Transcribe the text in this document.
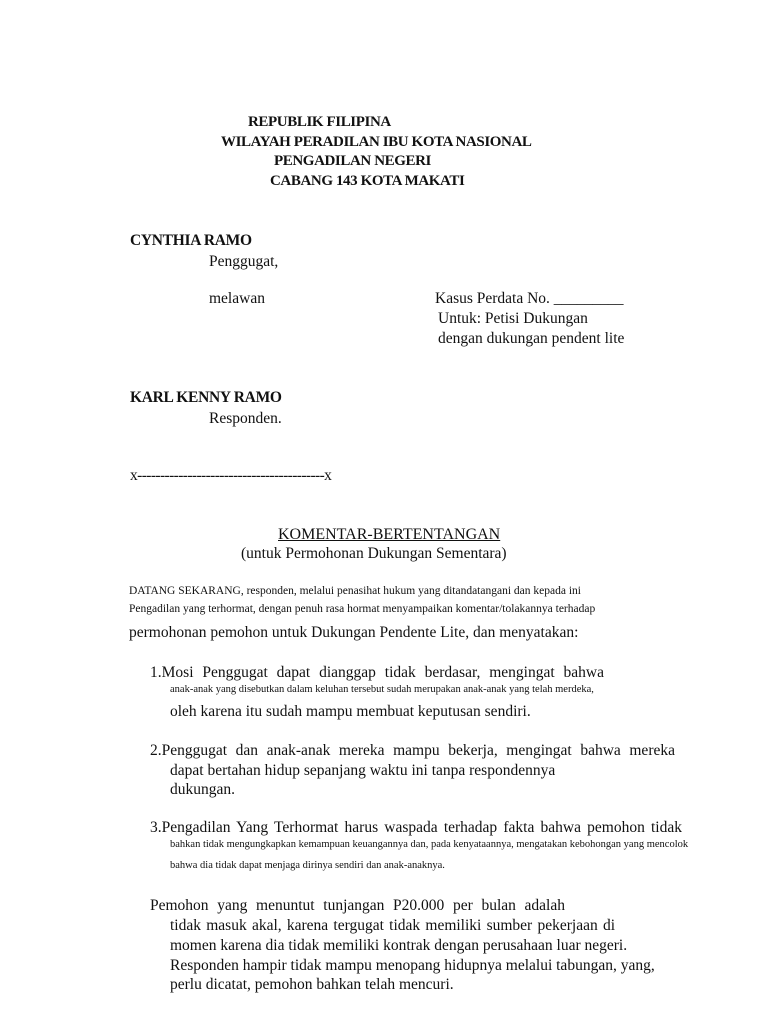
REPUBLIK FILIPINA
WILAYAH PERADILAN IBU KOTA NASIONAL
PENGADILAN NEGERI
CABANG 143 KOTA MAKATI
CYNTHIA RAMO
Penggugat,
melawan	Kasus Perdata No. _________
Untuk: Petisi Dukungan
dengan dukungan pendent lite
KARL KENNY RAMO
Responden.
x-----------------------------------------x
KOMENTAR-BERTENTANGAN
(untuk Permohonan Dukungan Sementara)
DATANG SEKARANG, responden, melalui penasihat hukum yang ditandatangani dan kepada ini
Pengadilan yang terhormat, dengan penuh rasa hormat menyampaikan komentar/tolakannya terhadap
permohonan pemohon untuk Dukungan Pendente Lite, dan menyatakan:
1.Mosi Penggugat dapat dianggap tidak berdasar, mengingat bahwa
anak-anak yang disebutkan dalam keluhan tersebut sudah merupakan anak-anak yang telah merdeka,
oleh karena itu sudah mampu membuat keputusan sendiri.
2.Penggugat dan anak-anak mereka mampu bekerja, mengingat bahwa mereka
dapat bertahan hidup sepanjang waktu ini tanpa respondennya
dukungan.
3.Pengadilan Yang Terhormat harus waspada terhadap fakta bahwa pemohon tidak
bahkan tidak mengungkapkan kemampuan keuangannya dan, pada kenyataannya, mengatakan kebohongan yang mencolok
bahwa dia tidak dapat menjaga dirinya sendiri dan anak-anaknya.
Pemohon yang menuntut tunjangan P20.000 per bulan adalah
tidak masuk akal, karena tergugat tidak memiliki sumber pekerjaan di
momen karena dia tidak memiliki kontrak dengan perusahaan luar negeri.
Responden hampir tidak mampu menopang hidupnya melalui tabungan, yang,
perlu dicatat, pemohon bahkan telah mencuri.
